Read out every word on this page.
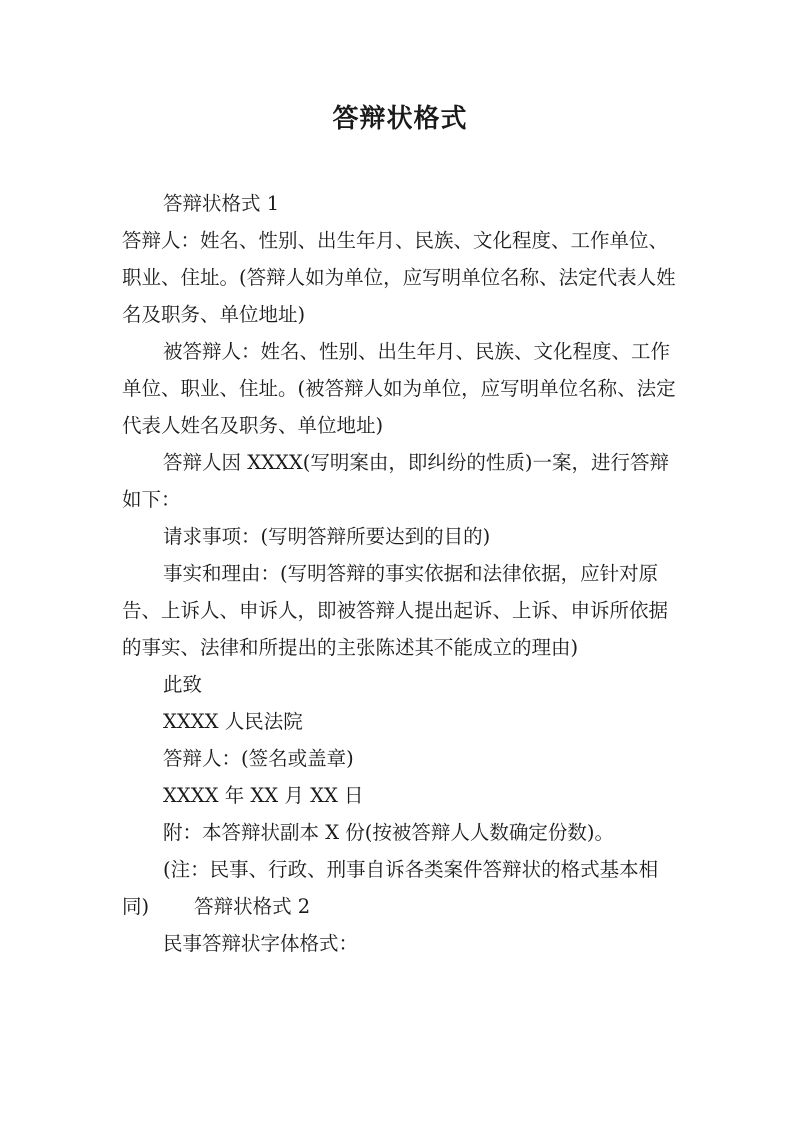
答辩状格式

答辩状格式 1

答辩人：姓名、性别、出生年月、民族、文化程度、工作单位、职业、住址。(答辩人如为单位，应写明单位名称、法定代表人姓名及职务、单位地址)

被答辩人：姓名、性别、出生年月、民族、文化程度、工作单位、职业、住址。(被答辩人如为单位，应写明单位名称、法定代表人姓名及职务、单位地址)

答辩人因 XXXX(写明案由，即纠纷的性质)一案，进行答辩如下：

请求事项：(写明答辩所要达到的目的)

事实和理由：(写明答辩的事实依据和法律依据，应针对原告、上诉人、申诉人，即被答辩人提出起诉、上诉、申诉所依据的事实、法律和所提出的主张陈述其不能成立的理由)

此致

XXXX 人民法院

答辩人：(签名或盖章)

XXXX 年 XX 月 XX 日

附：本答辩状副本 X 份(按被答辩人人数确定份数)。

(注：民事、行政、刑事自诉各类案件答辩状的格式基本相同) 答辩状格式 2

民事答辩状字体格式：
